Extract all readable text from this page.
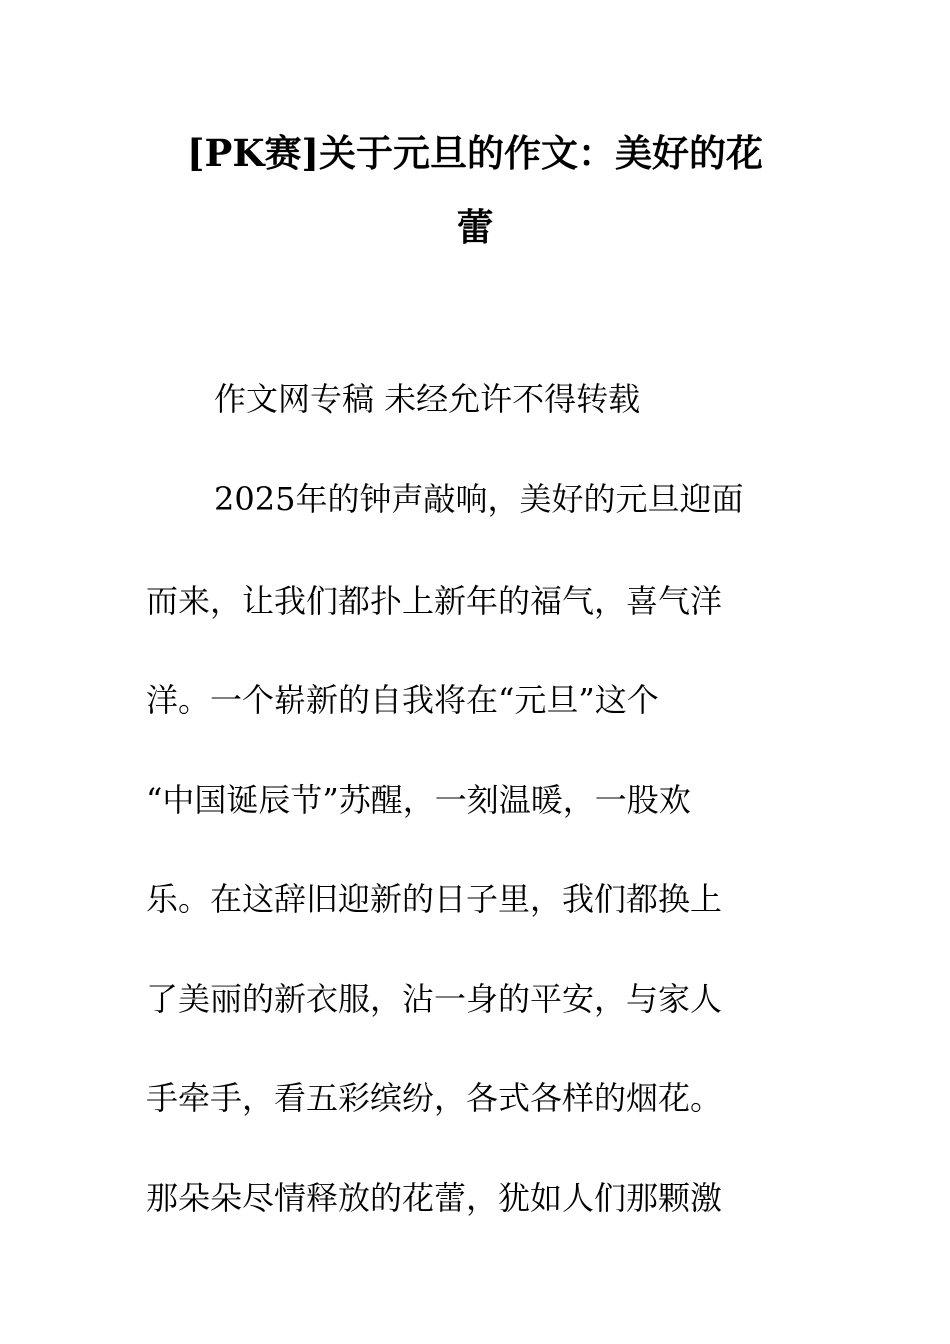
[PK赛]关于元旦的作文：美好的花
蕾

作文网专稿 未经允许不得转载

2025年的钟声敲响，美好的元旦迎面

而来，让我们都扑上新年的福气，喜气洋

洋。一个崭新的自我将在“元旦”这个

“中国诞辰节”苏醒，一刻温暖，一股欢

乐。在这辞旧迎新的日子里，我们都换上

了美丽的新衣服，沾一身的平安，与家人

手牵手，看五彩缤纷，各式各样的烟花。

那朵朵尽情释放的花蕾，犹如人们那颗激
